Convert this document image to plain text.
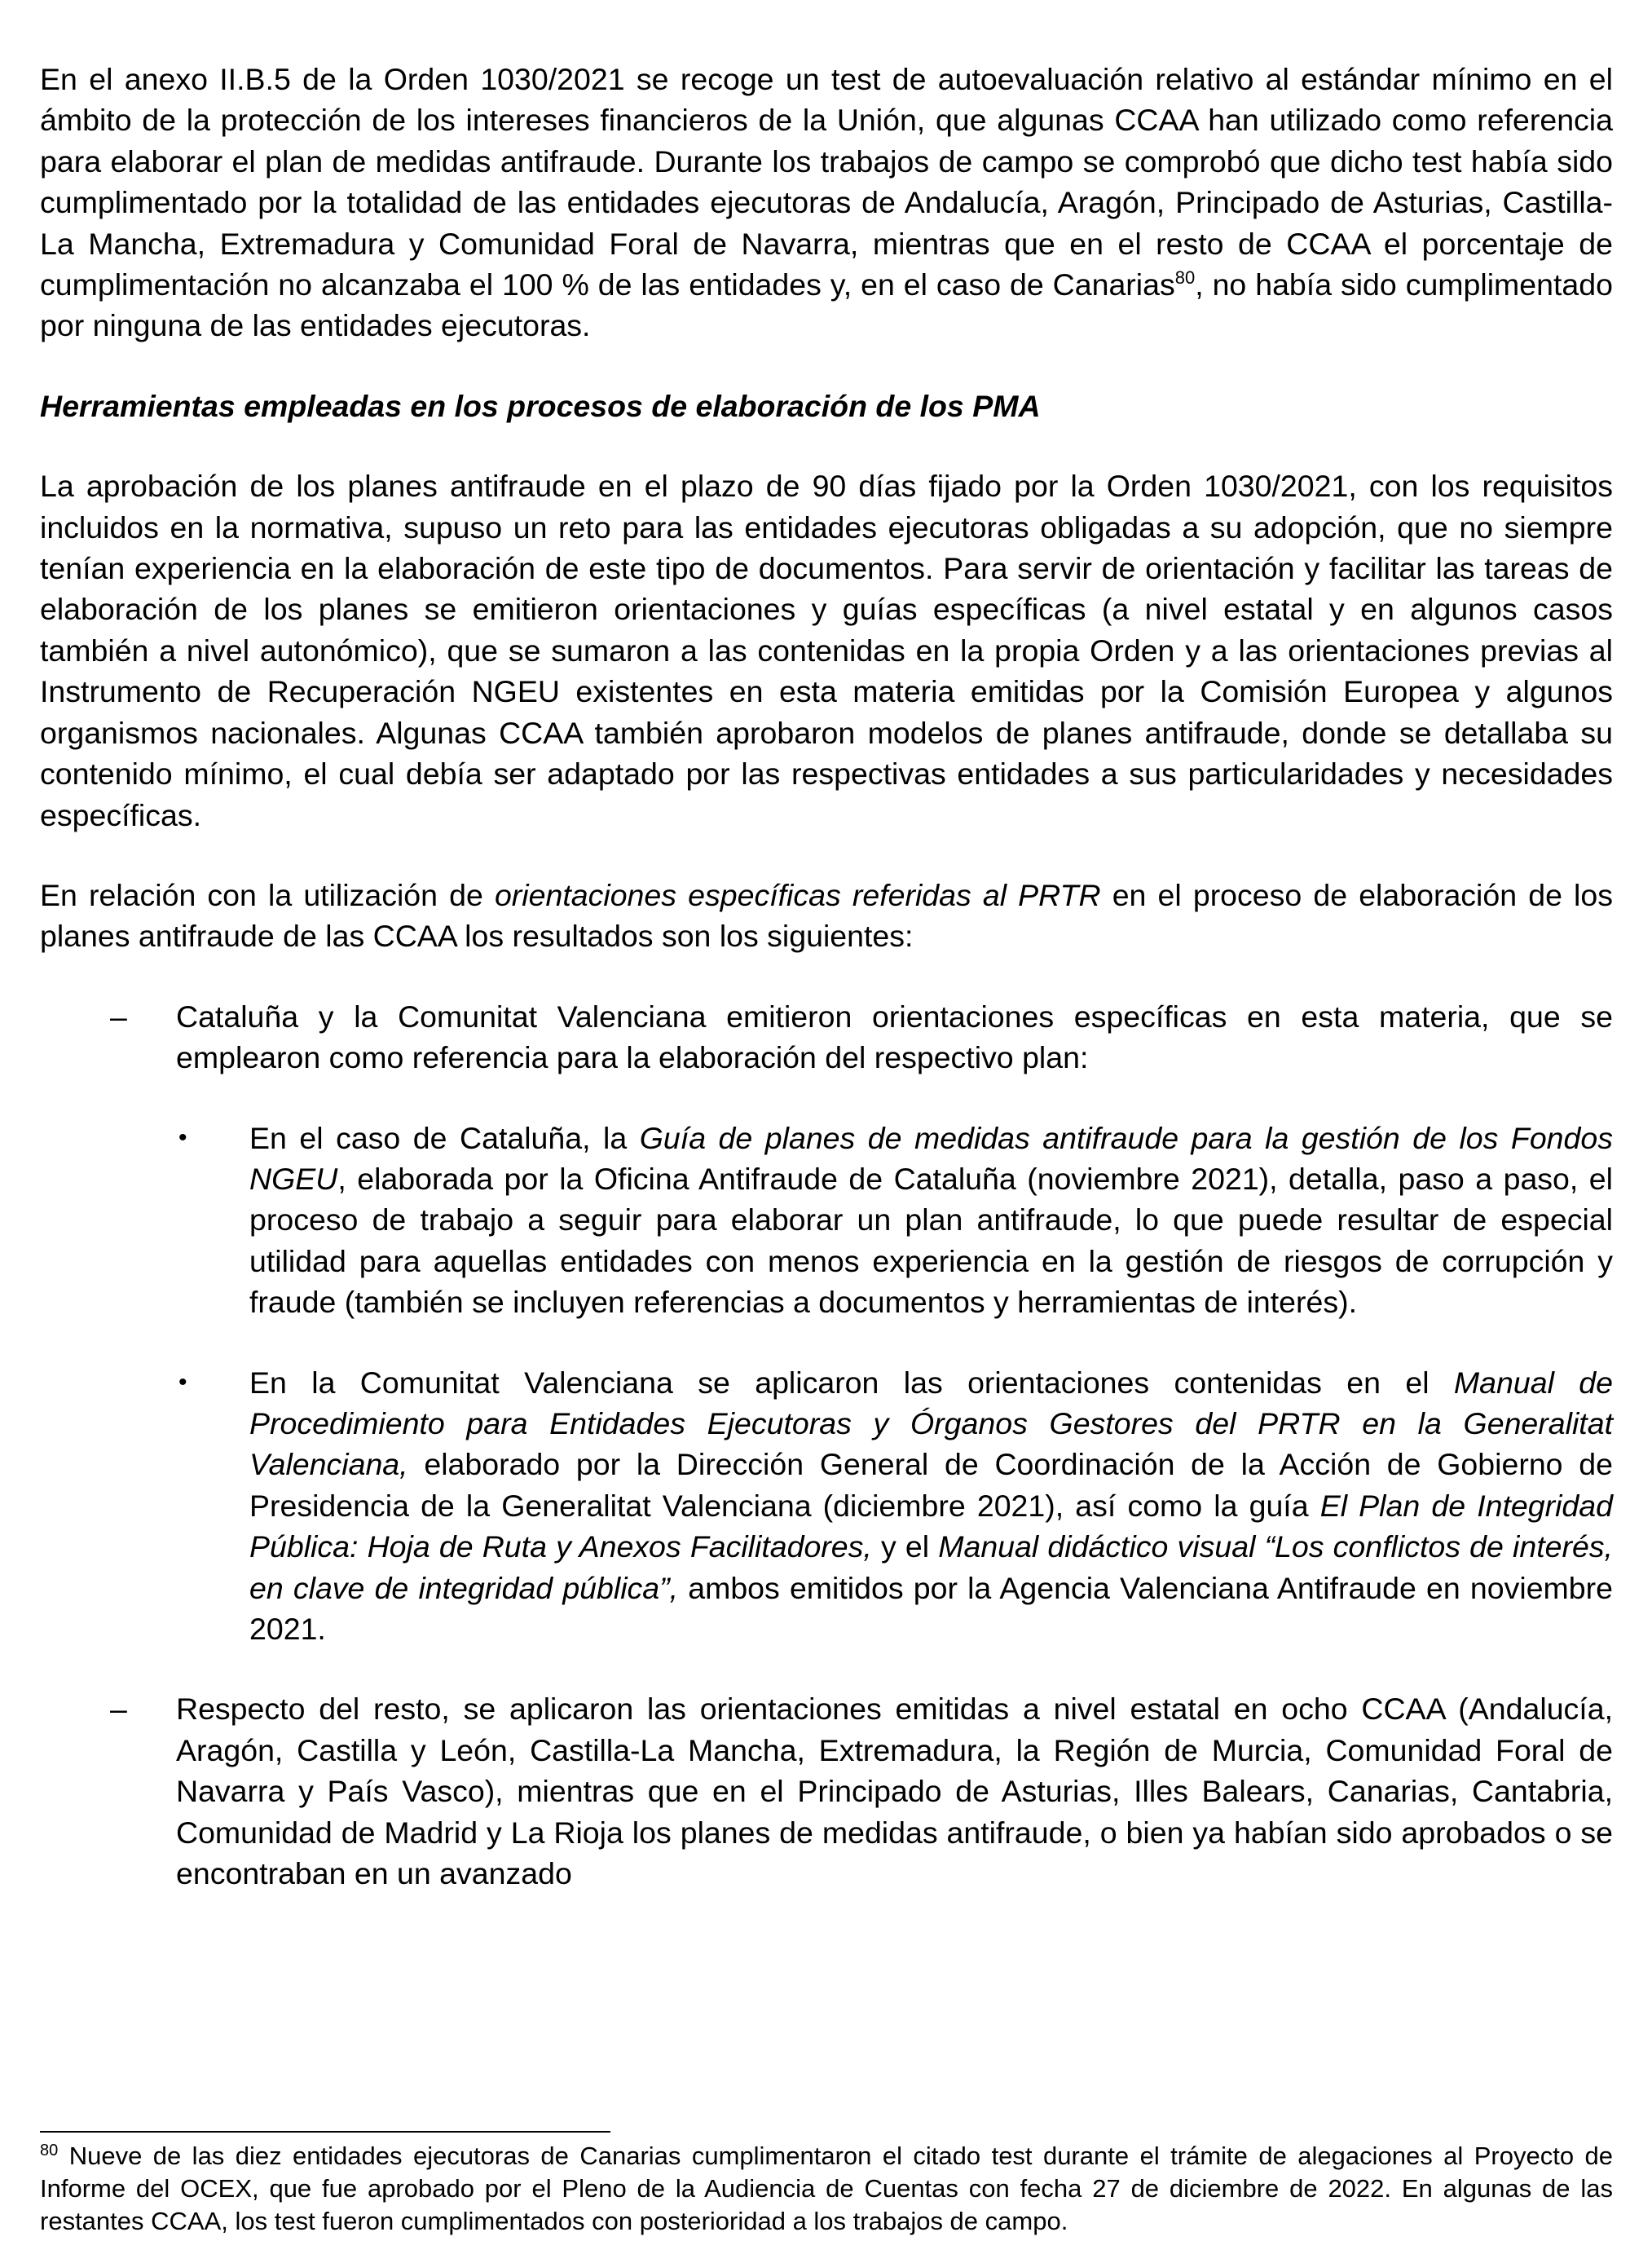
En el anexo II.B.5 de la Orden 1030/2021 se recoge un test de autoevaluación relativo al estándar mínimo en el ámbito de la protección de los intereses financieros de la Unión, que algunas CCAA han utilizado como referencia para elaborar el plan de medidas antifraude. Durante los trabajos de campo se comprobó que dicho test había sido cumplimentado por la totalidad de las entidades ejecutoras de Andalucía, Aragón, Principado de Asturias, Castilla-La Mancha, Extremadura y Comunidad Foral de Navarra, mientras que en el resto de CCAA el porcentaje de cumplimentación no alcanzaba el 100 % de las entidades y, en el caso de Canarias$^{80}$, no había sido cumplimentado por ninguna de las entidades ejecutoras.

Herramientas empleadas en los procesos de elaboración de los PMA

La aprobación de los planes antifraude en el plazo de 90 días fijado por la Orden 1030/2021, con los requisitos incluidos en la normativa, supuso un reto para las entidades ejecutoras obligadas a su adopción, que no siempre tenían experiencia en la elaboración de este tipo de documentos. Para servir de orientación y facilitar las tareas de elaboración de los planes se emitieron orientaciones y guías específicas (a nivel estatal y en algunos casos también a nivel autonómico), que se sumaron a las contenidas en la propia Orden y a las orientaciones previas al Instrumento de Recuperación NGEU existentes en esta materia emitidas por la Comisión Europea y algunos organismos nacionales. Algunas CCAA también aprobaron modelos de planes antifraude, donde se detallaba su contenido mínimo, el cual debía ser adaptado por las respectivas entidades a sus particularidades y necesidades específicas.

En relación con la utilización de orientaciones específicas referidas al PRTR en el proceso de elaboración de los planes antifraude de las CCAA los resultados son los siguientes:

– Cataluña y la Comunitat Valenciana emitieron orientaciones específicas en esta materia, que se emplearon como referencia para la elaboración del respectivo plan:

• En el caso de Cataluña, la Guía de planes de medidas antifraude para la gestión de los Fondos NGEU, elaborada por la Oficina Antifraude de Cataluña (noviembre 2021), detalla, paso a paso, el proceso de trabajo a seguir para elaborar un plan antifraude, lo que puede resultar de especial utilidad para aquellas entidades con menos experiencia en la gestión de riesgos de corrupción y fraude (también se incluyen referencias a documentos y herramientas de interés).

• En la Comunitat Valenciana se aplicaron las orientaciones contenidas en el Manual de Procedimiento para Entidades Ejecutoras y Órganos Gestores del PRTR en la Generalitat Valenciana, elaborado por la Dirección General de Coordinación de la Acción de Gobierno de Presidencia de la Generalitat Valenciana (diciembre 2021), así como la guía El Plan de Integridad Pública: Hoja de Ruta y Anexos Facilitadores, y el Manual didáctico visual “Los conflictos de interés, en clave de integridad pública”, ambos emitidos por la Agencia Valenciana Antifraude en noviembre 2021.

– Respecto del resto, se aplicaron las orientaciones emitidas a nivel estatal en ocho CCAA (Andalucía, Aragón, Castilla y León, Castilla-La Mancha, Extremadura, la Región de Murcia, Comunidad Foral de Navarra y País Vasco), mientras que en el Principado de Asturias, Illes Balears, Canarias, Cantabria, Comunidad de Madrid y La Rioja los planes de medidas antifraude, o bien ya habían sido aprobados o se encontraban en un avanzado

$^{80}$ Nueve de las diez entidades ejecutoras de Canarias cumplimentaron el citado test durante el trámite de alegaciones al Proyecto de Informe del OCEX, que fue aprobado por el Pleno de la Audiencia de Cuentas con fecha 27 de diciembre de 2022. En algunas de las restantes CCAA, los test fueron cumplimentados con posterioridad a los trabajos de campo.
